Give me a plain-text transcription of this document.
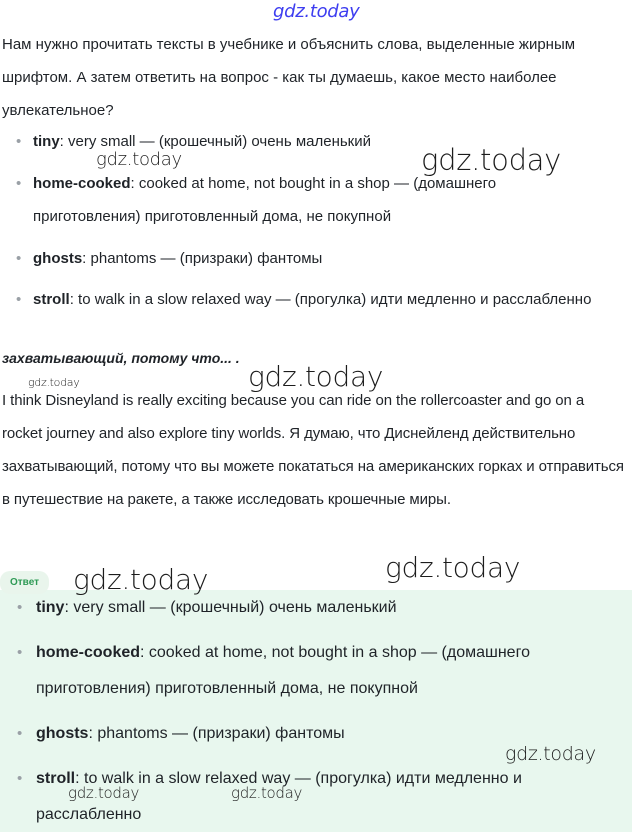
gdz.today

Нам нужно прочитать тексты в учебнике и объяснить слова, выделенные жирным шрифтом. А затем ответить на вопрос - как ты думаешь, какое место наиболее увлекательное?

• tiny: very small — (крошечный) очень маленький
• home-cooked: cooked at home, not bought in a shop — (домашнего приготовления) приготовленный дома, не покупной
• ghosts: phantoms — (призраки) фантомы
• stroll: to walk in a slow relaxed way — (прогулка) идти медленно и расслабленно

захватывающий, потому что... .

I think Disneyland is really exciting because you can ride on the rollercoaster and go on a rocket journey and also explore tiny worlds. Я думаю, что Диснейленд действительно захватывающий, потому что вы можете покататься на американских горках и отправиться в путешествие на ракете, а также исследовать крошечные миры.

Ответ
• tiny: very small — (крошечный) очень маленький
• home-cooked: cooked at home, not bought in a shop — (домашнего приготовления) приготовленный дома, не покупной
• ghosts: phantoms — (призраки) фантомы
• stroll: to walk in a slow relaxed way — (прогулка) идти медленно и расслабленно
gdz.today	gdz.today
gdz.today	gdz.today
gdz.today
gdz.today
gdz.today
gdz.today	gdz.today
